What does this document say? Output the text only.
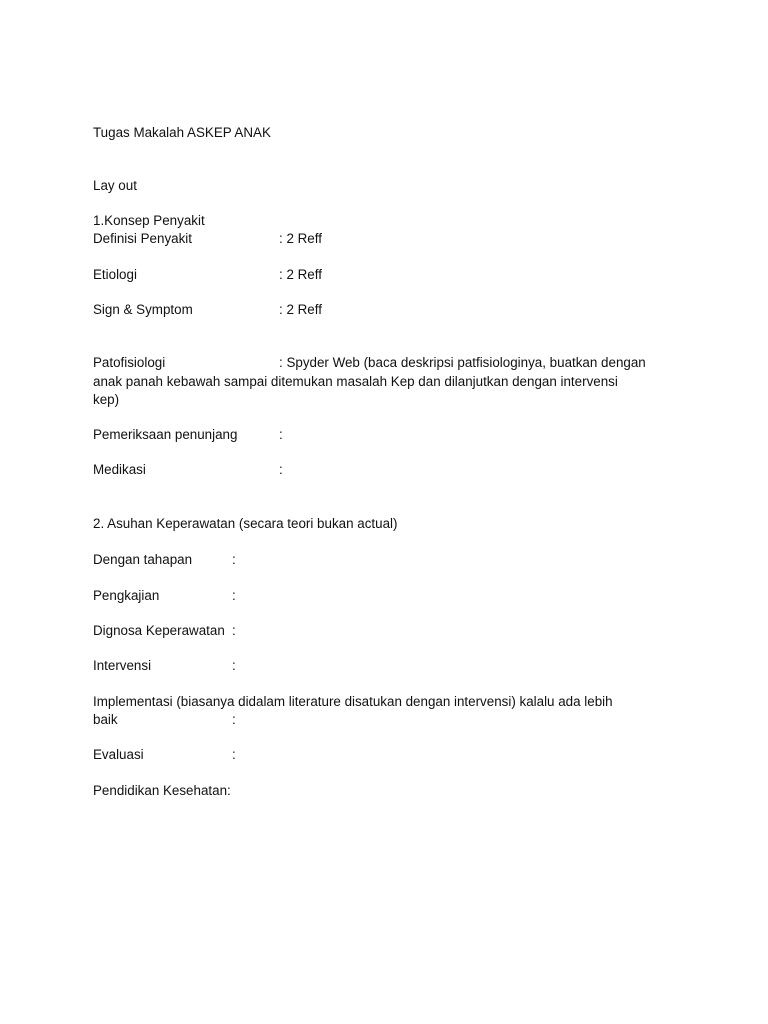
Tugas Makalah ASKEP ANAK
Lay out
1.Konsep Penyakit
Definisi Penyakit	: 2 Reff
Etiologi	: 2 Reff
Sign & Symptom	: 2 Reff
Patofisiologi	: Spyder Web (baca deskripsi patfisiologinya, buatkan dengan
anak panah kebawah sampai ditemukan masalah Kep dan dilanjutkan dengan intervensi
kep)
Pemeriksaan penunjang	:
Medikasi	:
2. Asuhan Keperawatan (secara teori bukan actual)
Dengan tahapan	:
Pengkajian	:
Dignosa Keperawatan :
Intervensi	:
Implementasi (biasanya didalam literature disatukan dengan intervensi) kalalu ada lebih
baik	:
Evaluasi	:
Pendidikan Kesehatan:
